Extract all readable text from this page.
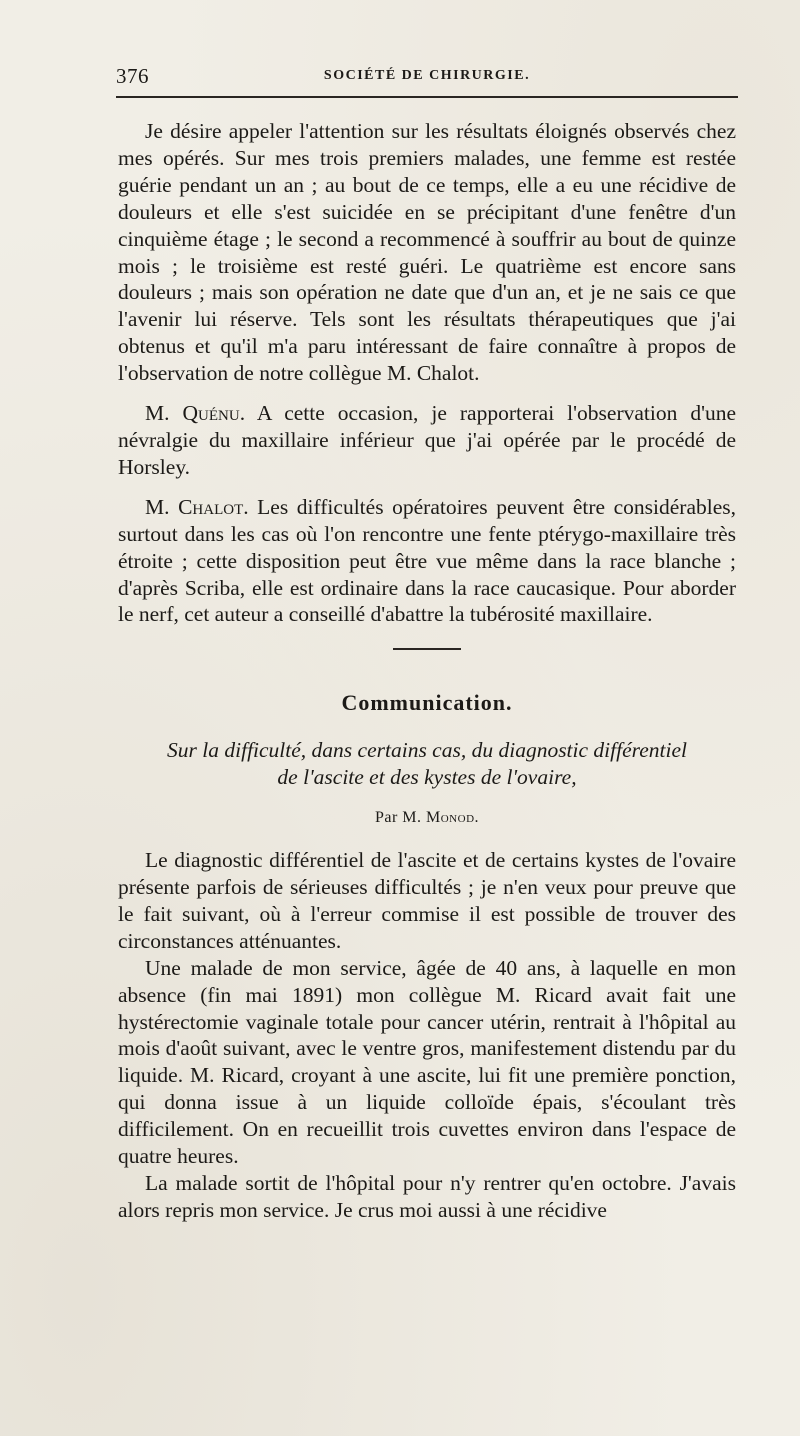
376	SOCIÉTÉ DE CHIRURGIE.

Je désire appeler l'attention sur les résultats éloignés observés chez mes opérés. Sur mes trois premiers malades, une femme est restée guérie pendant un an ; au bout de ce temps, elle a eu une récidive de douleurs et elle s'est suicidée en se précipitant d'une fenêtre d'un cinquième étage ; le second a recommencé à souffrir au bout de quinze mois ; le troisième est resté guéri. Le quatrième est encore sans douleurs ; mais son opération ne date que d'un an, et je ne sais ce que l'avenir lui réserve. Tels sont les résultats thérapeutiques que j'ai obtenus et qu'il m'a paru intéressant de faire connaître à propos de l'observation de notre collègue M. Chalot.

M. Quénu. A cette occasion, je rapporterai l'observation d'une névralgie du maxillaire inférieur que j'ai opérée par le procédé de Horsley.

M. Chalot. Les difficultés opératoires peuvent être considérables, surtout dans les cas où l'on rencontre une fente ptérygo-maxillaire très étroite ; cette disposition peut être vue même dans la race blanche ; d'après Scriba, elle est ordinaire dans la race caucasique. Pour aborder le nerf, cet auteur a conseillé d'abattre la tubérosité maxillaire.

Communication.
Sur la difficulté, dans certains cas, du diagnostic différentiel
de l'ascite et des kystes de l'ovaire,
Par M. Monod.

Le diagnostic différentiel de l'ascite et de certains kystes de l'ovaire présente parfois de sérieuses difficultés ; je n'en veux pour preuve que le fait suivant, où à l'erreur commise il est possible de trouver des circonstances atténuantes.

Une malade de mon service, âgée de 40 ans, à laquelle en mon absence (fin mai 1891) mon collègue M. Ricard avait fait une hystérectomie vaginale totale pour cancer utérin, rentrait à l'hôpital au mois d'août suivant, avec le ventre gros, manifestement distendu par du liquide. M. Ricard, croyant à une ascite, lui fit une première ponction, qui donna issue à un liquide colloïde épais, s'écoulant très difficilement. On en recueillit trois cuvettes environ dans l'espace de quatre heures.

La malade sortit de l'hôpital pour n'y rentrer qu'en octobre. J'avais alors repris mon service. Je crus moi aussi à une récidive
